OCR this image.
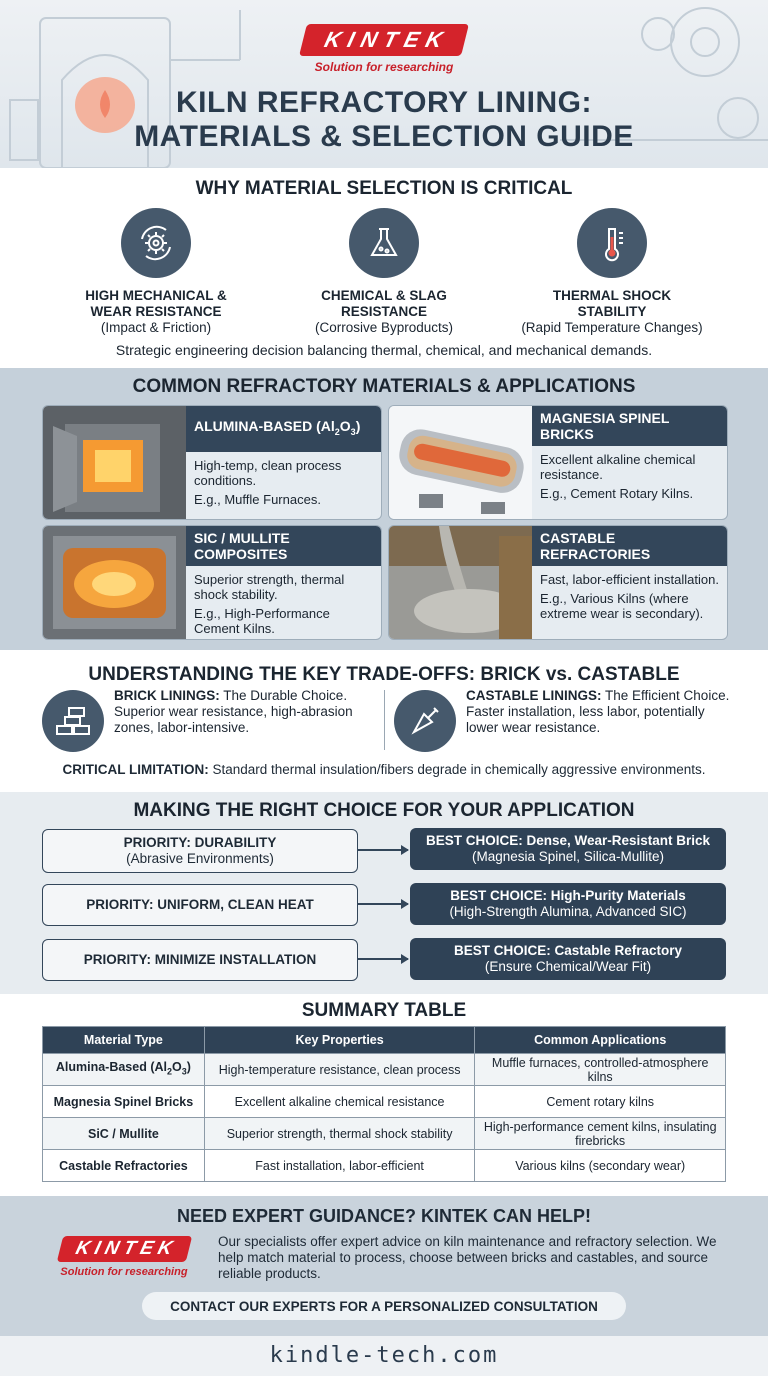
KINTEK
Solution for researching
KILN REFRACTORY LINING:
MATERIALS & SELECTION GUIDE
WHY MATERIAL SELECTION IS CRITICAL
HIGH MECHANICAL &
WEAR RESISTANCE
(Impact & Friction)
CHEMICAL & SLAG
RESISTANCE
(Corrosive Byproducts)
THERMAL SHOCK
STABILITY
(Rapid Temperature Changes)
Strategic engineering decision balancing thermal, chemical, and mechanical demands.
COMMON REFRACTORY MATERIALS & APPLICATIONS
ALUMINA-BASED $(Al_2O_3)$
High-temp, clean process conditions.
E.g., Muffle Furnaces.
MAGNESIA SPINEL BRICKS
Excellent alkaline chemical resistance.
E.g., Cement Rotary Kilns.
SIC / MULLITE COMPOSITES
Superior strength, thermal shock stability.
E.g., High-Performance Cement Kilns.
CASTABLE REFRACTORIES
Fast, labor-efficient installation.
E.g., Various Kilns (where extreme wear is secondary).
UNDERSTANDING THE KEY TRADE-OFFS: BRICK vs. CASTABLE
BRICK LININGS: The Durable Choice. Superior wear resistance, high-abrasion zones, labor-intensive.
CASTABLE LININGS: The Efficient Choice. Faster installation, less labor, potentially lower wear resistance.
CRITICAL LIMITATION: Standard thermal insulation/fibers degrade in chemically aggressive environments.
MAKING THE RIGHT CHOICE FOR YOUR APPLICATION
PRIORITY: DURABILITY
(Abrasive Environments)
BEST CHOICE: Dense, Wear-Resistant Brick
(Magnesia Spinel, Silica-Mullite)
PRIORITY: UNIFORM, CLEAN HEAT
BEST CHOICE: High-Purity Materials
(High-Strength Alumina, Advanced SIC)
PRIORITY: MINIMIZE INSTALLATION
BEST CHOICE: Castable Refractory
(Ensure Chemical/Wear Fit)
SUMMARY TABLE
Material Type	Key Properties	Common Applications
Alumina-Based $(Al_2O_3)$	High-temperature resistance, clean process	Muffle furnaces, controlled-atmosphere kilns
Magnesia Spinel Bricks	Excellent alkaline chemical resistance	Cement rotary kilns
SiC / Mullite	Superior strength, thermal shock stability	High-performance cement kilns, insulating firebricks
Castable Refractories	Fast installation, labor-efficient	Various kilns (secondary wear)
NEED EXPERT GUIDANCE? KINTEK CAN HELP!
KINTEK
Solution for researching
Our specialists offer expert advice on kiln maintenance and refractory selection. We help match material to process, choose between bricks and castables, and source reliable products.
CONTACT OUR EXPERTS FOR A PERSONALIZED CONSULTATION
kindle-tech.com
